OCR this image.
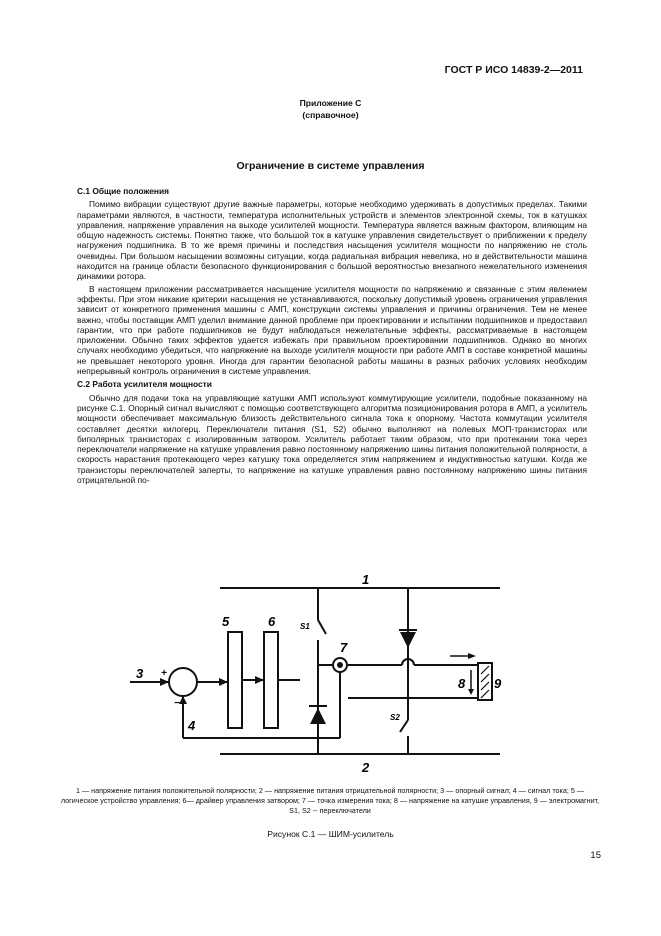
ГОСТ Р ИСО 14839-2—2011
Приложение С
(справочное)
Ограничение в системе управления
С.1 Общие положения

Помимо вибрации существуют другие важные параметры, которые необходимо удерживать в допустимых пределах. Такими параметрами являются, в частности, температура исполнительных устройств и элементов электронной схемы, ток в катушках управления, напряжение управления на выходе усилителей мощности. Температура является важным фактором, влияющим на общую надежность системы. Понятно также, что большой ток в катушке управления свидетельствует о приближении к пределу нагружения подшипника. В то же время причины и последствия насыщения усилителя мощности по напряжению не столь очевидны. При большом насыщении возможны ситуации, когда радиальная вибрация невелика, но в действительности машина находится на границе области безопасного функционирования с большой вероятностью внезапного нежелательного изменения динамики ротора.

В настоящем приложении рассматривается насыщение усилителя мощности по напряжению и связанные с этим явлением эффекты. При этом никакие критерии насыщения не устанавливаются, поскольку допустимый уровень ограничения управления зависит от конкретного применения машины с АМП, конструкции системы управления и причины ограничения. Тем не менее важно, чтобы поставщик АМП уделил внимание данной проблеме при проектировании и испытании подшипников и предоставил гарантии, что при работе подшипников не будут наблюдаться нежелательные эффекты, рассматриваемые в настоящем приложении. Обычно таких эффектов удается избежать при правильном проектировании подшипников. Однако во многих случаях необходимо убедиться, что напряжение на выходе усилителя мощности при работе АМП в составе конкретной машины не превышает некоторого уровня. Иногда для гарантии безопасной работы машины в разных рабочих условиях необходим непрерывный контроль ограничения в системе управления.

С.2 Работа усилителя мощности

Обычно для подачи тока на управляющие катушки АМП используют коммутирующие усилители, подобные показанному на рисунке С.1. Опорный сигнал вычисляют с помощью соответствующего алгоритма позиционирования ротора в АМП, а усилитель мощности обеспечивает максимальную близость действительного сигнала тока к опорному. Частота коммутации усилителя составляет десятки килогерц. Переключатели питания (S1, S2) обычно выполняют на полевых МОП-транзисторах или биполярных транзисторах с изолированным затвором. Усилитель работает таким образом, что при протекании тока через переключатели напряжение на катушке управления равно постоянному напряжению шины питания положительной полярности, а скорость нарастания протекающего через катушку тока определяется этим напряжением и индуктивностью катушки. Когда же транзисторы переключателей заперты, то напряжение на катушке управления равно постоянному напряжению шины питания отрицательной по-

1
2
3
4
5	6
7
8 9
S1
S2
+
−
1 — напряжение питания положительной полярности; 2 — напряжение питания отрицательной полярности; 3 — опорный сигнал; 4 — сигнал тока; 5 — логическое устройство управления; 6— драйвер управления затвором; 7 — точка измерения тока; 8 — напряжение на катушке управления, 9 — электромагнит, S1, S2 -- переключатели
Рисунок С.1 — ШИМ-усилитель
15
